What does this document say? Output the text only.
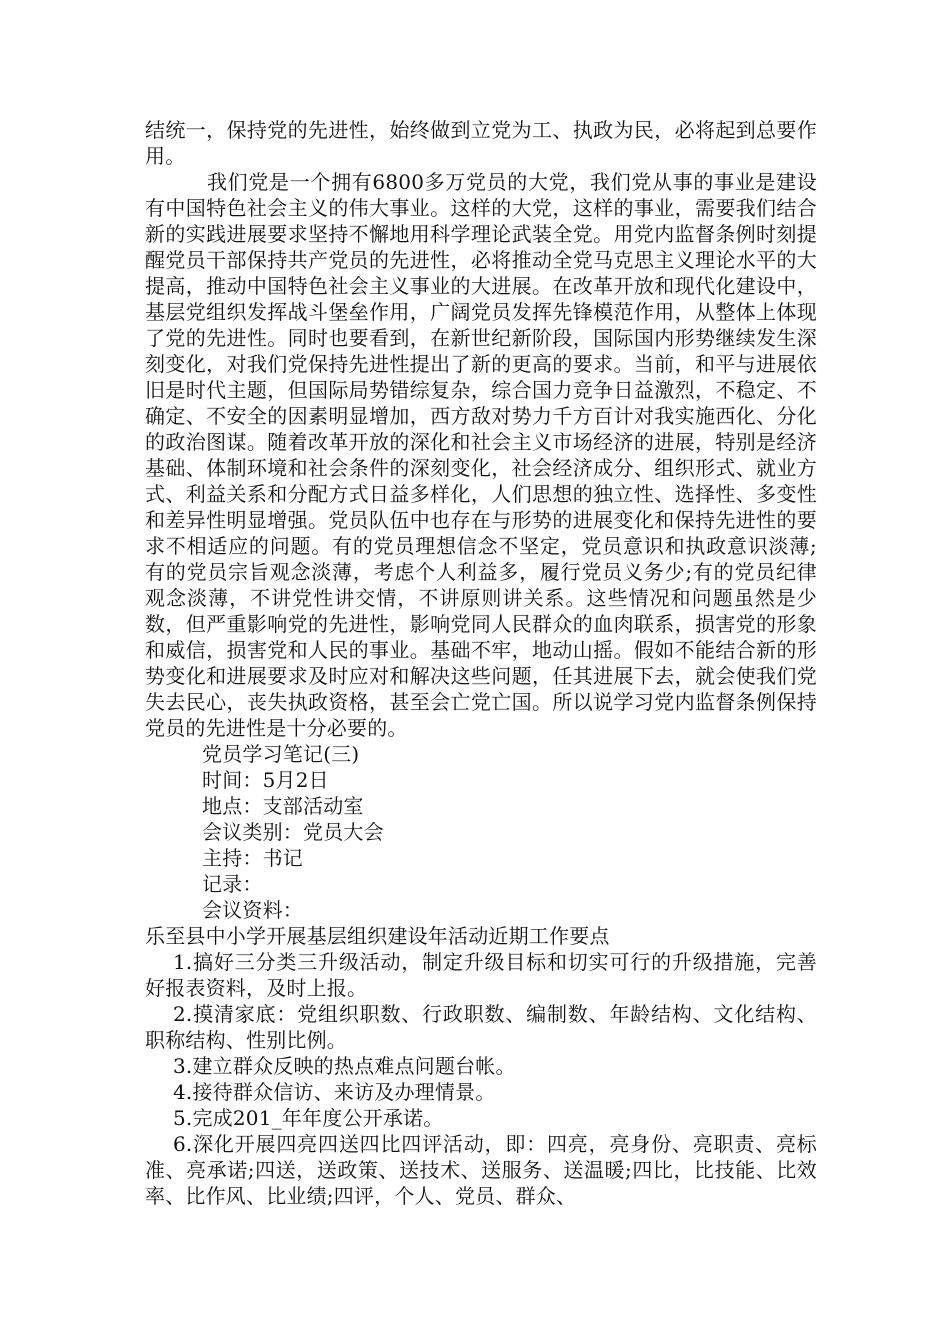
结统一，保持党的先进性，始终做到立党为工、执政为民，必将起到总要作用。

我们党是一个拥有6800多万党员的大党，我们党从事的事业是建设有中国特色社会主义的伟大事业。这样的大党，这样的事业，需要我们结合新的实践进展要求坚持不懈地用科学理论武装全党。用党内监督条例时刻提醒党员干部保持共产党员的先进性，必将推动全党马克思主义理论水平的大提高，推动中国特色社会主义事业的大进展。在改革开放和现代化建设中，基层党组织发挥战斗堡垒作用，广阔党员发挥先锋模范作用，从整体上体现了党的先进性。同时也要看到，在新世纪新阶段，国际国内形势继续发生深刻变化，对我们党保持先进性提出了新的更高的要求。当前，和平与进展依旧是时代主题，但国际局势错综复杂，综合国力竞争日益激烈，不稳定、不确定、不安全的因素明显增加，西方敌对势力千方百计对我实施西化、分化的政治图谋。随着改革开放的深化和社会主义市场经济的进展，特别是经济基础、体制环境和社会条件的深刻变化，社会经济成分、组织形式、就业方式、利益关系和分配方式日益多样化，人们思想的独立性、选择性、多变性和差异性明显增强。党员队伍中也存在与形势的进展变化和保持先进性的要求不相适应的问题。有的党员理想信念不坚定，党员意识和执政意识淡薄;有的党员宗旨观念淡薄，考虑个人利益多，履行党员义务少;有的党员纪律观念淡薄，不讲党性讲交情，不讲原则讲关系。这些情况和问题虽然是少数，但严重影响党的先进性，影响党同人民群众的血肉联系，损害党的形象和威信，损害党和人民的事业。基础不牢，地动山摇。假如不能结合新的形势变化和进展要求及时应对和解决这些问题，任其进展下去，就会使我们党失去民心，丧失执政资格，甚至会亡党亡国。所以说学习党内监督条例保持党员的先进性是十分必要的。

党员学习笔记(三)

时间：5月2日

地点：支部活动室

会议类别：党员大会

主持：书记

记录：

会议资料：

乐至县中小学开展基层组织建设年活动近期工作要点

1.搞好三分类三升级活动，制定升级目标和切实可行的升级措施，完善好报表资料，及时上报。

2.摸清家底：党组织职数、行政职数、编制数、年龄结构、文化结构、职称结构、性别比例。

3.建立群众反映的热点难点问题台帐。

4.接待群众信访、来访及办理情景。

5.完成201_年年度公开承诺。

6.深化开展四亮四送四比四评活动，即：四亮，亮身份、亮职责、亮标准、亮承诺;四送，送政策、送技术、送服务、送温暖;四比，比技能、比效率、比作风、比业绩;四评，个人、党员、群众、
